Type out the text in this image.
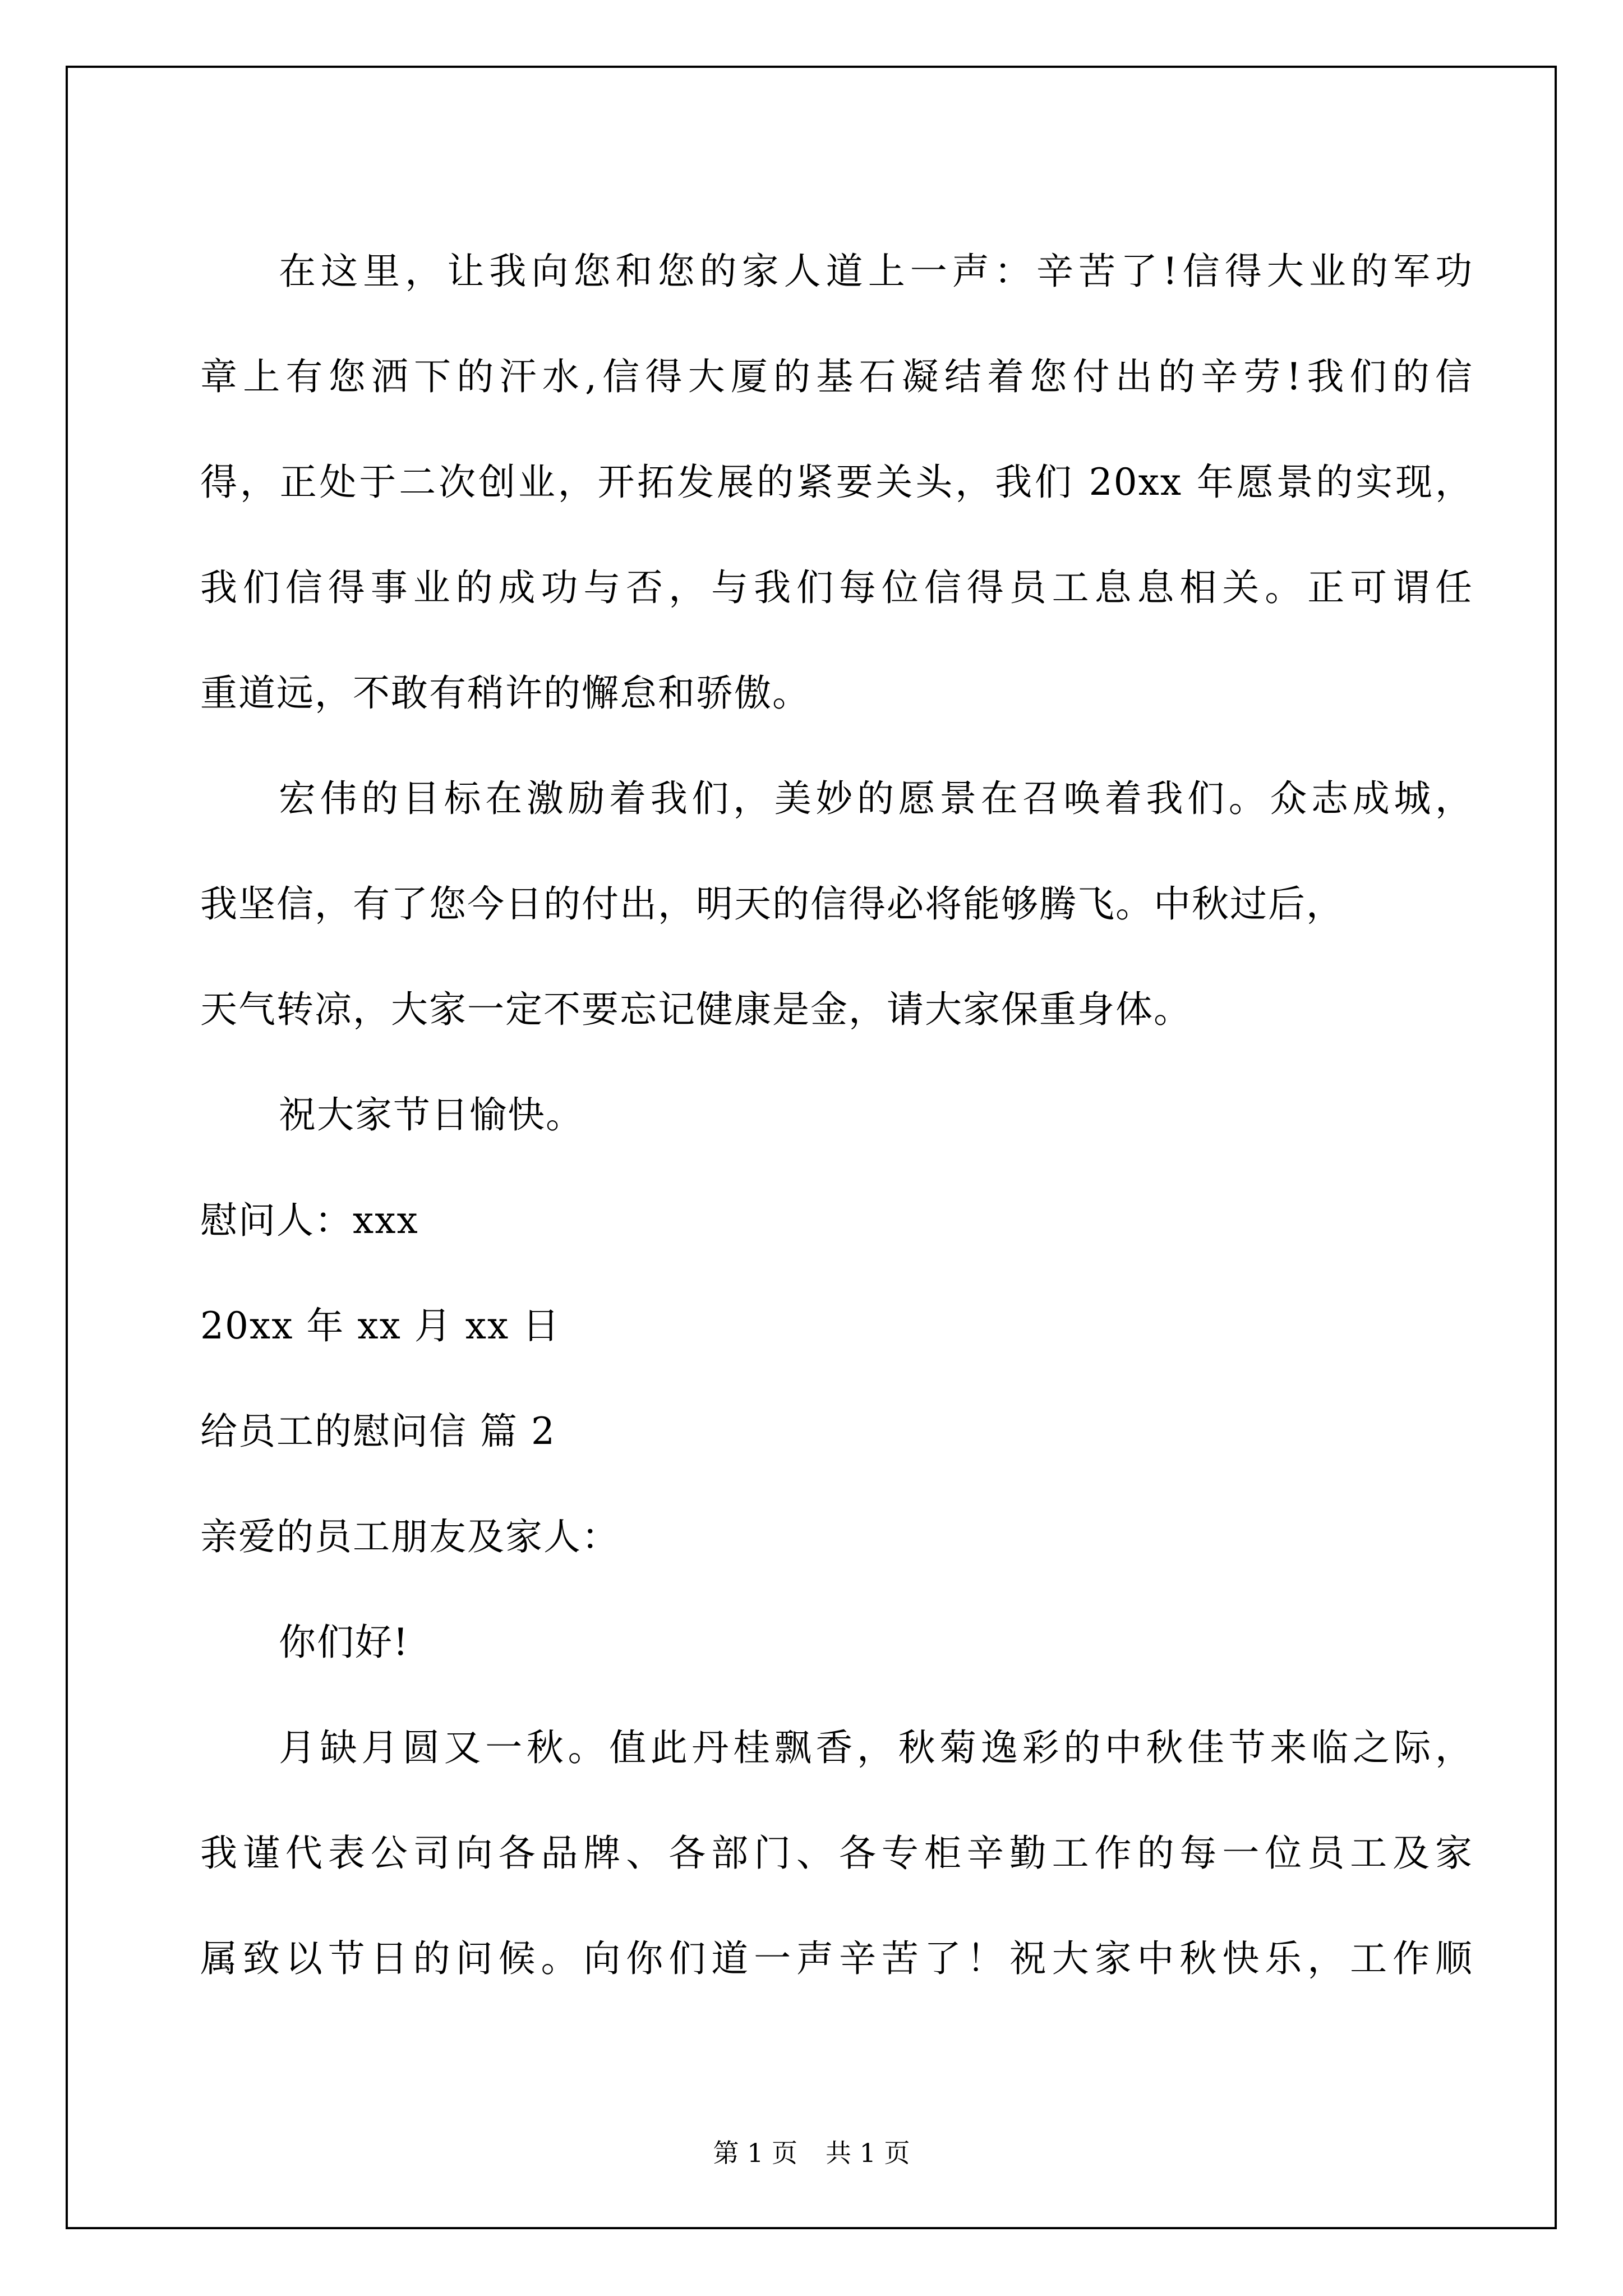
在这里，让我向您和您的家人道上一声：辛苦了!信得大业的军功
章上有您洒下的汗水,信得大厦的基石凝结着您付出的辛劳!我们的信
得，正处于二次创业，开拓发展的紧要关头，我们 20xx 年愿景的实现，
我们信得事业的成功与否，与我们每位信得员工息息相关。正可谓任
重道远，不敢有稍许的懈怠和骄傲。
宏伟的目标在激励着我们，美妙的愿景在召唤着我们。众志成城，
我坚信，有了您今日的付出，明天的信得必将能够腾飞。中秋过后，
天气转凉，大家一定不要忘记健康是金，请大家保重身体。
祝大家节日愉快。
慰问人：xxx
20xx 年 xx 月 xx 日
给员工的慰问信 篇 2
亲爱的员工朋友及家人：
你们好!
月缺月圆又一秋。值此丹桂飘香，秋菊逸彩的中秋佳节来临之际，
我谨代表公司向各品牌、各部门、各专柜辛勤工作的每一位员工及家
属致以节日的问候。向你们道一声辛苦了！祝大家中秋快乐，工作顺
第 1 页 共 1 页
